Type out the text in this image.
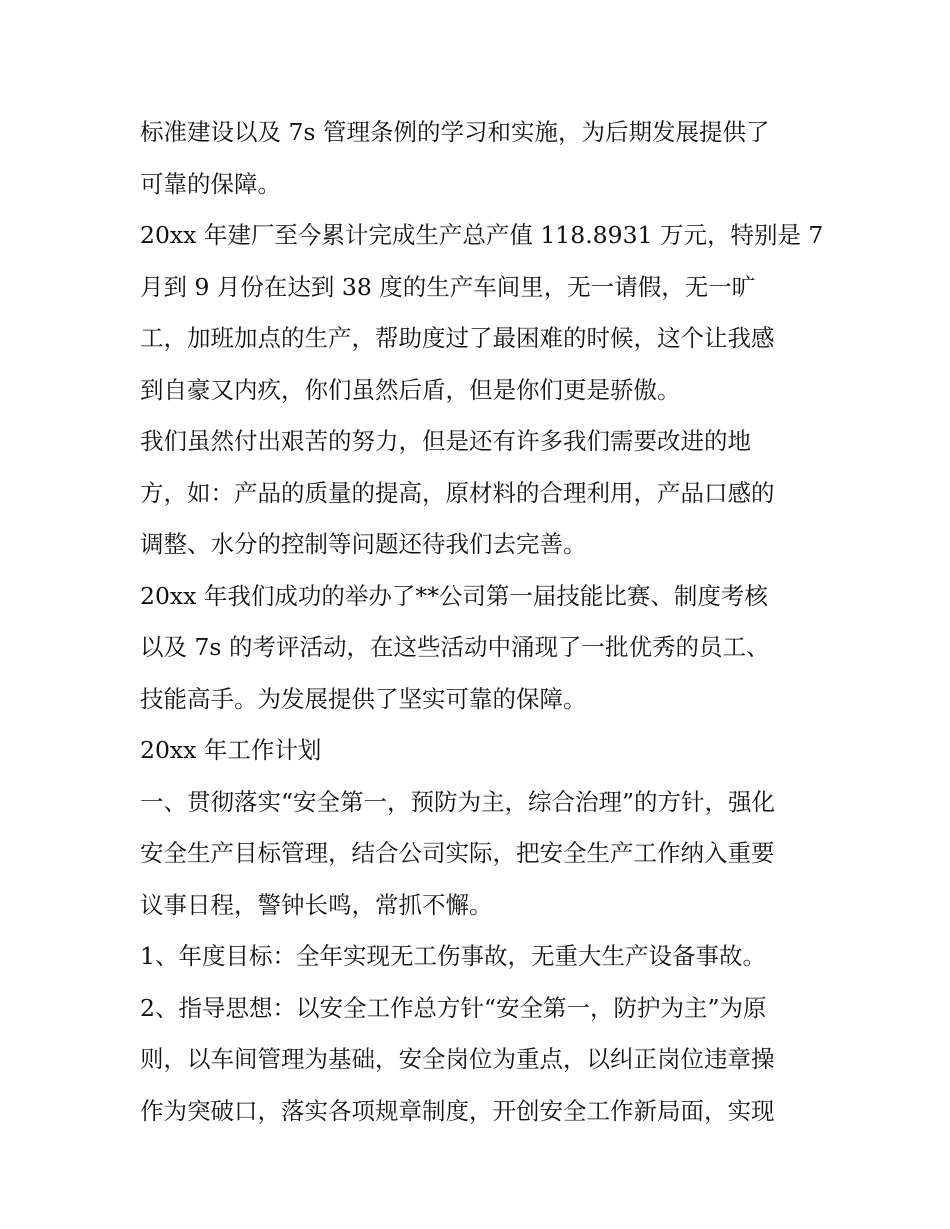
标准建设以及 7s 管理条例的学习和实施，为后期发展提供了
可靠的保障。

20xx 年建厂至今累计完成生产总产值 118.8931 万元，特别是 7
月到 9 月份在达到 38 度的生产车间里，无一请假，无一旷
工，加班加点的生产，帮助度过了最困难的时候，这个让我感
到自豪又内疚，你们虽然后盾，但是你们更是骄傲。

我们虽然付出艰苦的努力，但是还有许多我们需要改进的地
方，如：产品的质量的提高，原材料的合理利用，产品口感的
调整、水分的控制等问题还待我们去完善。

20xx 年我们成功的举办了**公司第一届技能比赛、制度考核
以及 7s 的考评活动，在这些活动中涌现了一批优秀的员工、
技能高手。为发展提供了坚实可靠的保障。

20xx 年工作计划

一、贯彻落实“安全第一，预防为主，综合治理”的方针，强化
安全生产目标管理，结合公司实际，把安全生产工作纳入重要
议事日程，警钟长鸣，常抓不懈。

1、年度目标：全年实现无工伤事故，无重大生产设备事故。

2、指导思想：以安全工作总方针“安全第一，防护为主”为原
则，以车间管理为基础，安全岗位为重点，以纠正岗位违章操
作为突破口，落实各项规章制度，开创安全工作新局面，实现
